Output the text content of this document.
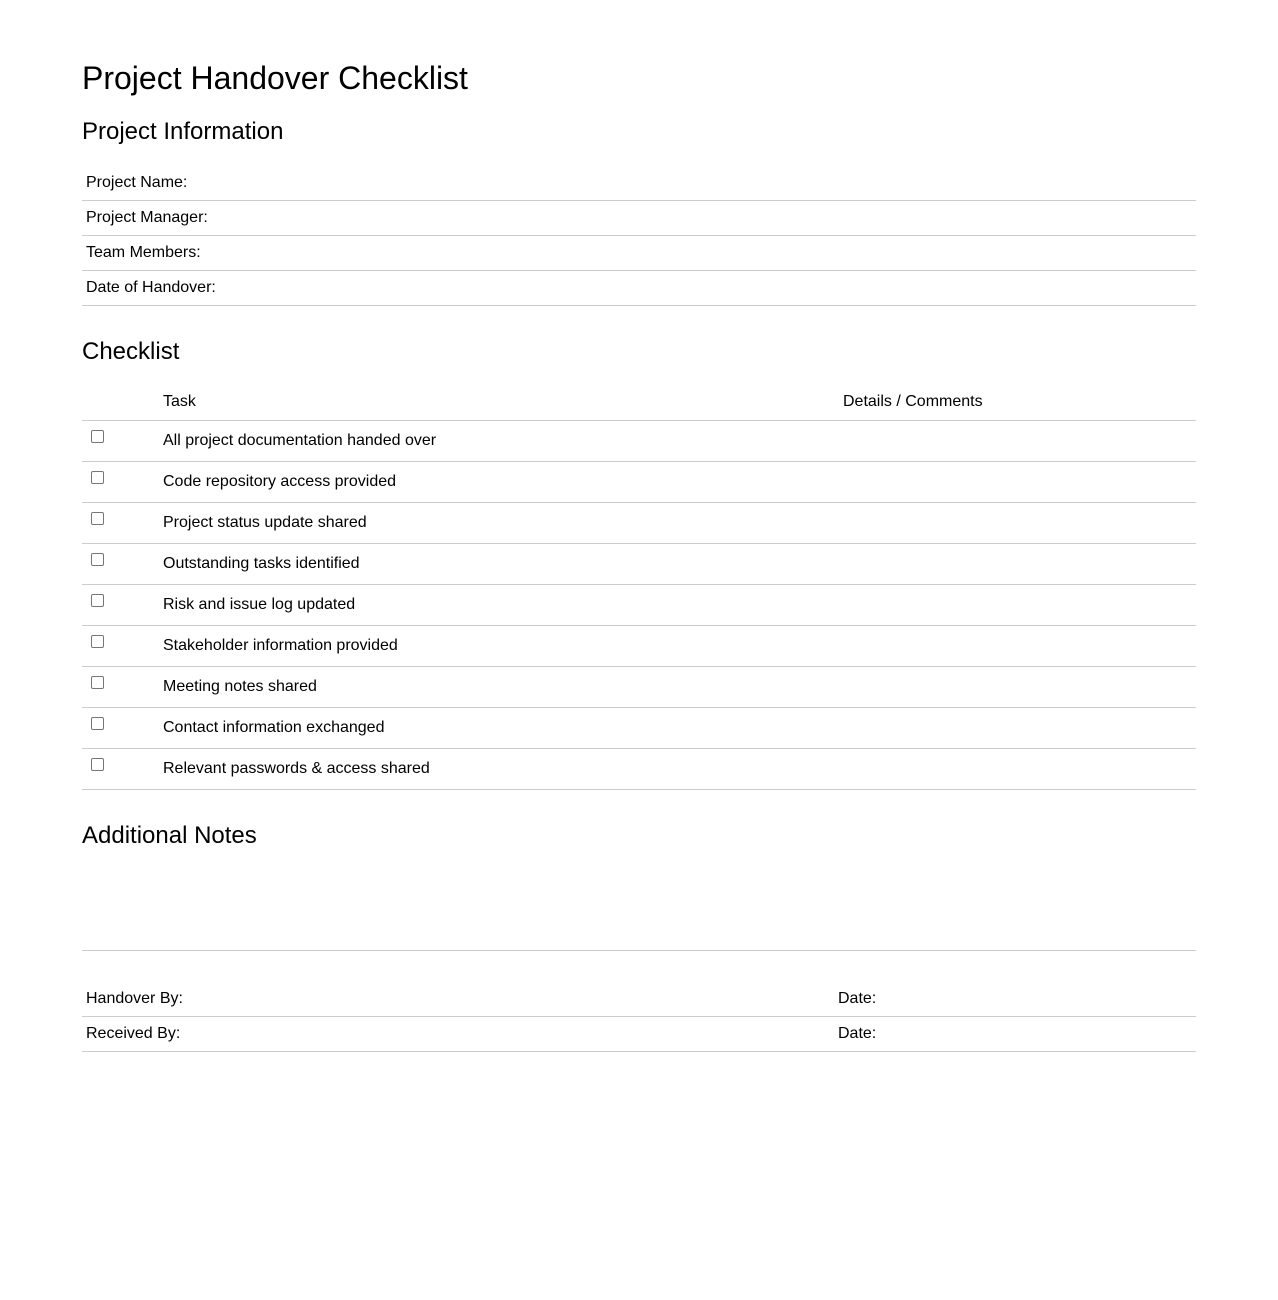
Project Handover Checklist
Project Information
Project Name:
Project Manager:
Team Members:
Date of Handover:
Checklist
	Task	Details / Comments
	All project documentation handed over	
	Code repository access provided	
	Project status update shared	
	Outstanding tasks identified	
	Risk and issue log updated	
	Stakeholder information provided	
	Meeting notes shared	
	Contact information exchanged	
	Relevant passwords & access shared	
Additional Notes
Handover By:	Date:
Received By:	Date:
